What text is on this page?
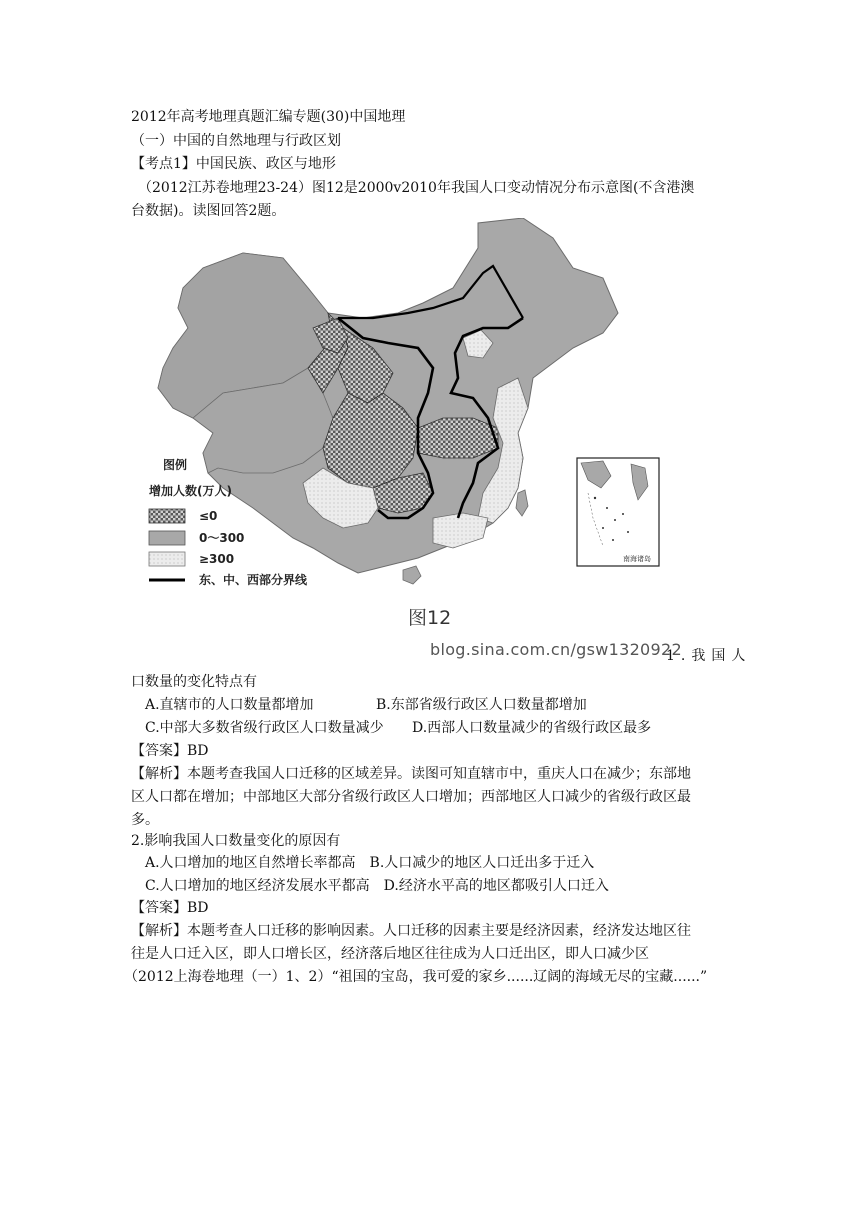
2012年高考地理真题汇编专题(30)中国地理
（一）中国的自然地理与行政区划
【考点1】中国民族、政区与地形
（2012江苏卷地理23-24）图12是2000v2010年我国人口变动情况分布示意图(不含港澳
台数据)。读图回答2题。
图例
增加人数(万人)
≤0
0～300
≥300
东、中、西部分界线
南海诸岛
图12
blog.sina.com.cn/gsw1320922
1.我国人
口数量的变化特点有
A.直辖市的人口数量都增加	B.东部省级行政区人口数量都增加
C.中部大多数省级行政区人口数量减少	D.西部人口数量减少的省级行政区最多
【答案】BD
【解析】本题考查我国人口迁移的区域差异。读图可知直辖市中，重庆人口在减少；东部地
区人口都在增加；中部地区大部分省级行政区人口增加；西部地区人口减少的省级行政区最
多。
2.影响我国人口数量变化的原因有
A.人口增加的地区自然增长率都高　B.人口减少的地区人口迁出多于迁入
C.人口增加的地区经济发展水平都高　D.经济水平高的地区都吸引人口迁入
【答案】BD
【解析】本题考查人口迁移的影响因素。人口迁移的因素主要是经济因素，经济发达地区往
往是人口迁入区，即人口增长区，经济落后地区往往成为人口迁出区，即人口减少区
（2012上海卷地理（一）1、2）“祖国的宝岛，我可爱的家乡......辽阔的海域无尽的宝藏......”
